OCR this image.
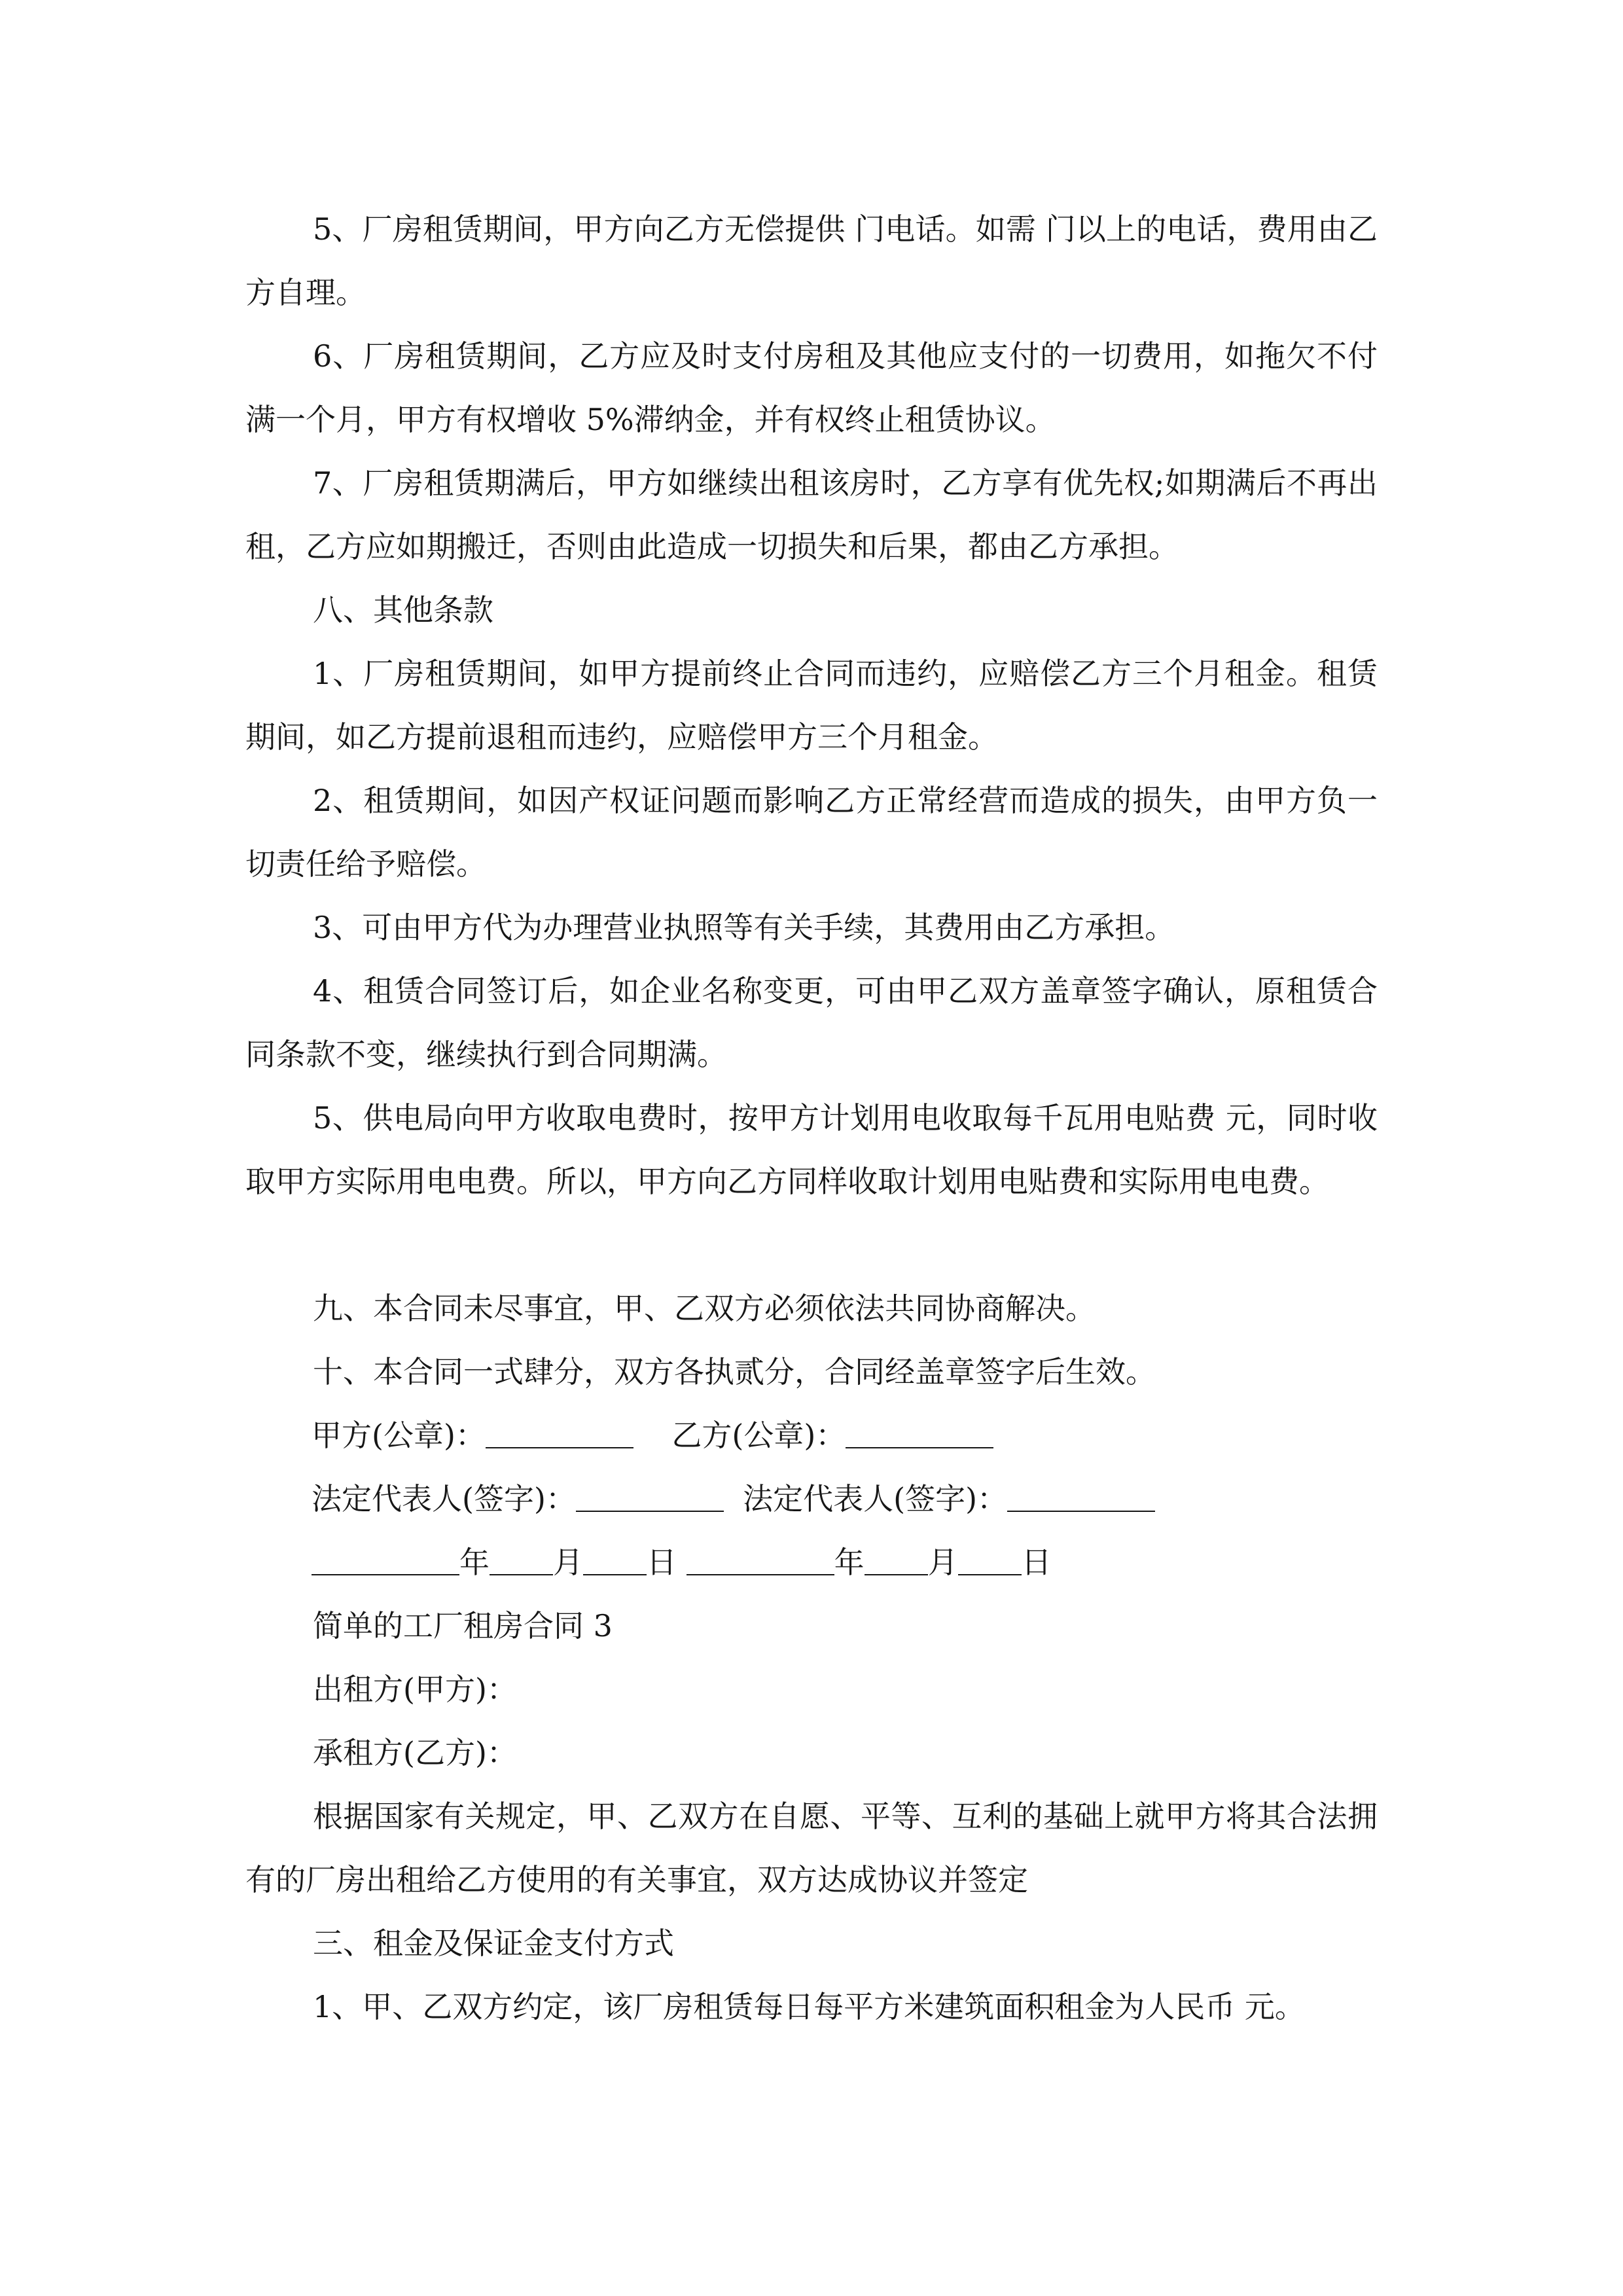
5、厂房租赁期间，甲方向乙方无偿提供 门电话。如需 门以上的电话，费用由乙方自理。

6、厂房租赁期间，乙方应及时支付房租及其他应支付的一切费用，如拖欠不付满一个月，甲方有权增收 5%滞纳金，并有权终止租赁协议。

7、厂房租赁期满后，甲方如继续出租该房时，乙方享有优先权;如期满后不再出租，乙方应如期搬迁，否则由此造成一切损失和后果，都由乙方承担。

八、其他条款

1、厂房租赁期间，如甲方提前终止合同而违约，应赔偿乙方三个月租金。租赁期间，如乙方提前退租而违约，应赔偿甲方三个月租金。

2、租赁期间，如因产权证问题而影响乙方正常经营而造成的损失，由甲方负一切责任给予赔偿。

3、可由甲方代为办理营业执照等有关手续，其费用由乙方承担。

4、租赁合同签订后，如企业名称变更，可由甲乙双方盖章签字确认，原租赁合同条款不变，继续执行到合同期满。

5、供电局向甲方收取电费时，按甲方计划用电收取每千瓦用电贴费 元，同时收取甲方实际用电电费。所以，甲方向乙方同样收取计划用电贴费和实际用电电费。

九、本合同未尽事宜，甲、乙双方必须依法共同协商解决。

十、本合同一式肆分，双方各执贰分，合同经盖章签字后生效。

甲方(公章)：	乙方(公章)：
法定代表人(签字)：	法定代表人(签字)：
年 月 日	年 月 日

简单的工厂租房合同 3

出租方(甲方)：

承租方(乙方)：

根据国家有关规定，甲、乙双方在自愿、平等、互利的基础上就甲方将其合法拥有的厂房出租给乙方使用的有关事宜，双方达成协议并签定

三、租金及保证金支付方式

1、甲、乙双方约定，该厂房租赁每日每平方米建筑面积租金为人民币 元。
